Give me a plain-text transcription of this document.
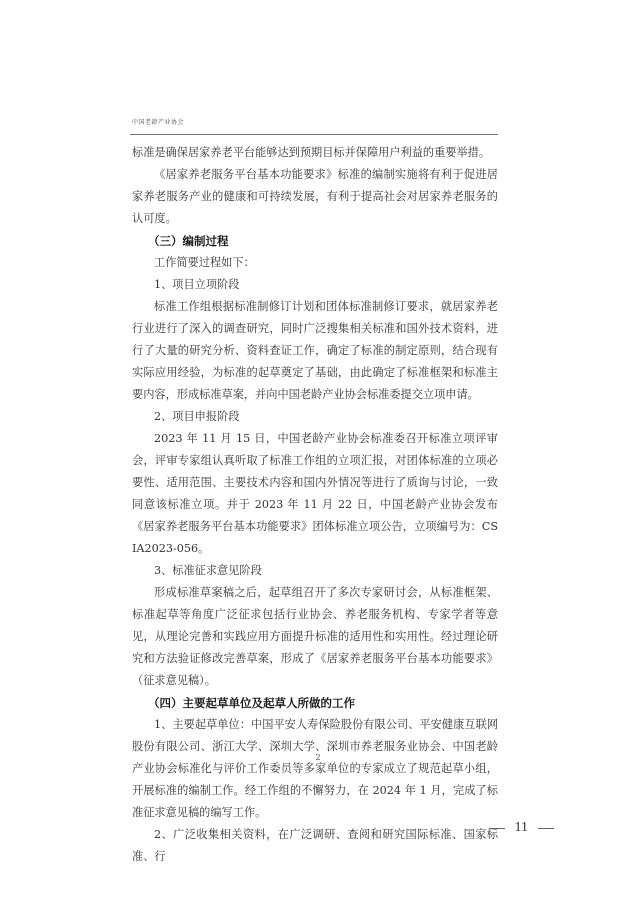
中国老龄产业协会

标准是确保居家养老平台能够达到预期目标并保障用户利益的重要举措。

《居家养老服务平台基本功能要求》标准的编制实施将有利于促进居家养老服务产业的健康和可持续发展，有利于提高社会对居家养老服务的认可度。

（三）编制过程

工作简要过程如下：

1、项目立项阶段

标准工作组根据标准制修订计划和团体标准制修订要求，就居家养老行业进行了深入的调查研究，同时广泛搜集相关标准和国外技术资料，进行了大量的研究分析、资料查证工作，确定了标准的制定原则，结合现有实际应用经验，为标准的起草奠定了基础，由此确定了标准框架和标准主要内容，形成标准草案，并向中国老龄产业协会标准委提交立项申请。

2、项目申报阶段

2023 年 11 月 15 日，中国老龄产业协会标准委召开标准立项评审会，评审专家组认真听取了标准工作组的立项汇报，对团体标准的立项必要性、适用范围、主要技术内容和国内外情况等进行了质询与讨论，一致同意该标准立项。并于 2023 年 11 月 22 日，中国老龄产业协会发布《居家养老服务平台基本功能要求》团体标准立项公告，立项编号为：CSIA2023-056。

3、标准征求意见阶段

形成标准草案稿之后，起草组召开了多次专家研讨会，从标准框架、标准起草等角度广泛征求包括行业协会、养老服务机构、专家学者等意见，从理论完善和实践应用方面提升标准的适用性和实用性。经过理论研究和方法验证修改完善草案，形成了《居家养老服务平台基本功能要求》（征求意见稿）。

（四）主要起草单位及起草人所做的工作

1、主要起草单位：中国平安人寿保险股份有限公司、平安健康互联网股份有限公司、浙江大学、深圳大学、深圳市养老服务业协会、中国老龄产业协会标准化与评价工作委员等多家单位的专家成立了规范起草小组，开展标准的编制工作。经工作组的不懈努力，在 2024 年 1 月，完成了标准征求意见稿的编写工作。

2、广泛收集相关资料，在广泛调研、查阅和研究国际标准、国家标准、行

2
11
